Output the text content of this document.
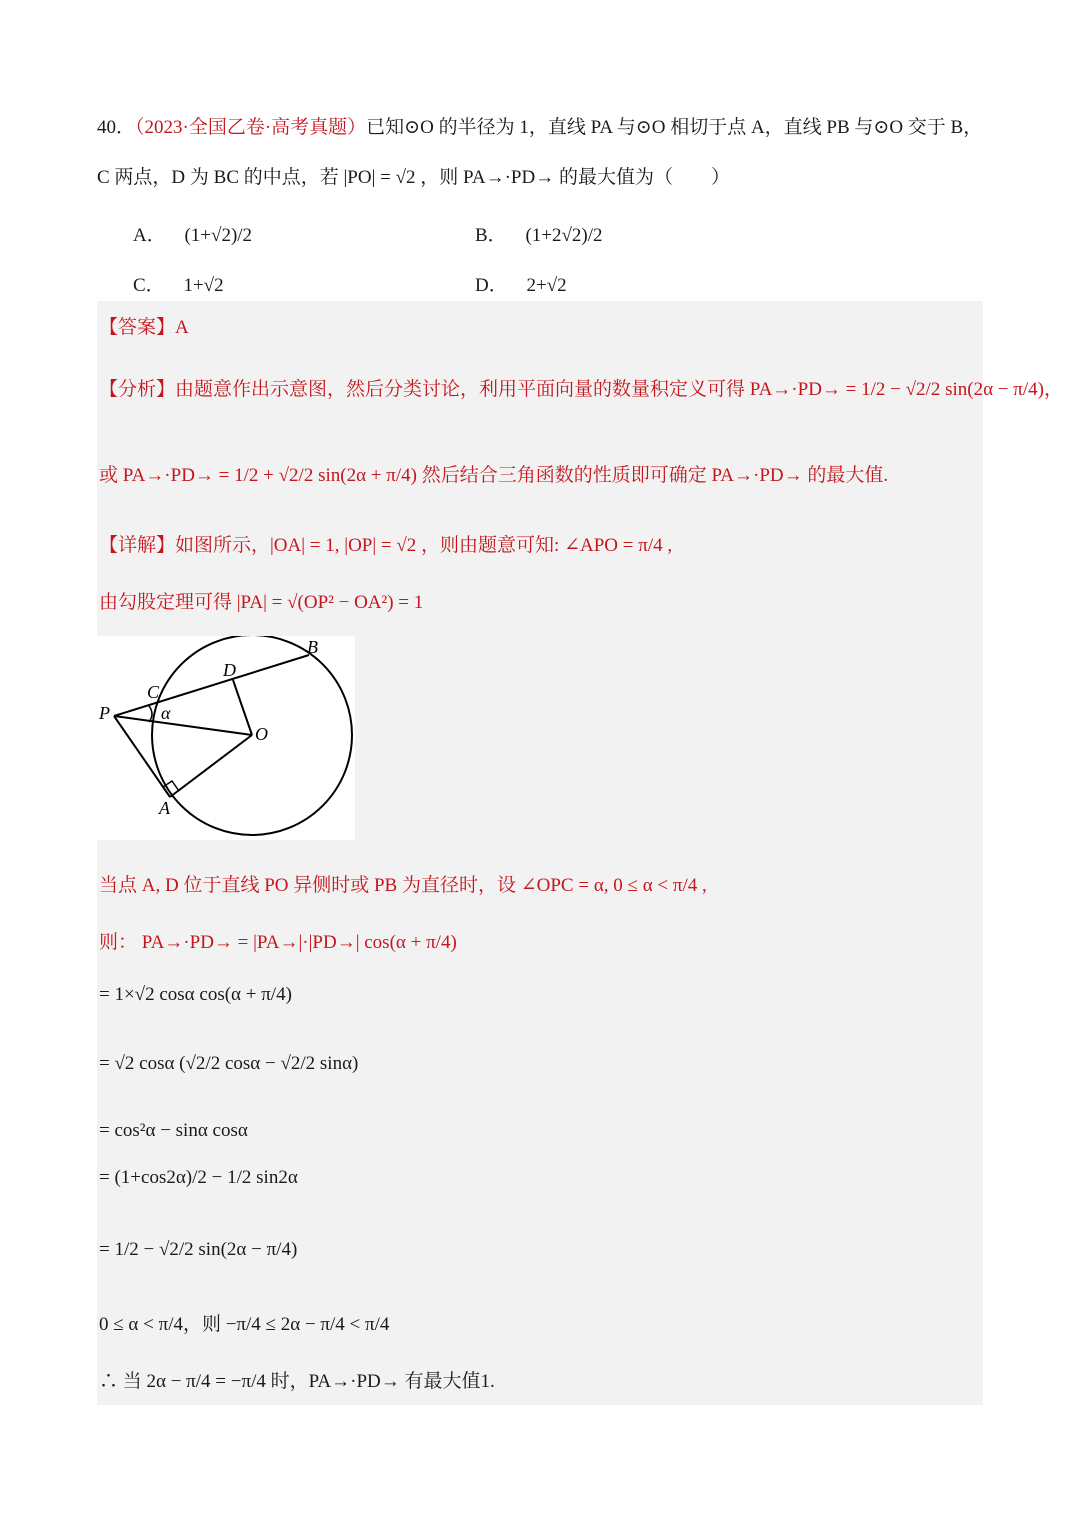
40．（2023·全国乙卷·高考真题）已知⊙O 的半径为 1，直线 PA 与⊙O 相切于点 A，直线 PB 与⊙O 交于 B，
C 两点，D 为 BC 的中点，若 |PO| = √2 ，则 PA→·PD→ 的最大值为（　　）
A． (1+√2)/2	B． (1+2√2)/2
C． 1+√2	D． 2+√2
【答案】A
【分析】由题意作出示意图，然后分类讨论，利用平面向量的数量积定义可得 PA→·PD→ = 1/2 − √2/2 sin(2α − π/4)，
或 PA→·PD→ = 1/2 + √2/2 sin(2α + π/4) 然后结合三角函数的性质即可确定 PA→·PD→ 的最大值.
【详解】如图所示，|OA| = 1, |OP| = √2 ，则由题意可知: ∠APO = π/4 ,
由勾股定理可得 |PA| = √(OP² − OA²) = 1
B
D
C
P	α
O
A
当点 A, D 位于直线 PO 异侧时或 PB 为直径时，设 ∠OPC = α, 0 ≤ α < π/4 ,
则： PA→·PD→ = |PA→|·|PD→| cos(α + π/4)
= 1×√2 cosα cos(α + π/4)
= √2 cosα (√2/2 cosα − √2/2 sinα)
= cos²α − sinα cosα
= (1+cos2α)/2 − 1/2 sin2α
= 1/2 − √2/2 sin(2α − π/4)
0 ≤ α < π/4，则 −π/4 ≤ 2α − π/4 < π/4
∴ 当 2α − π/4 = −π/4 时，PA→·PD→ 有最大值1.
